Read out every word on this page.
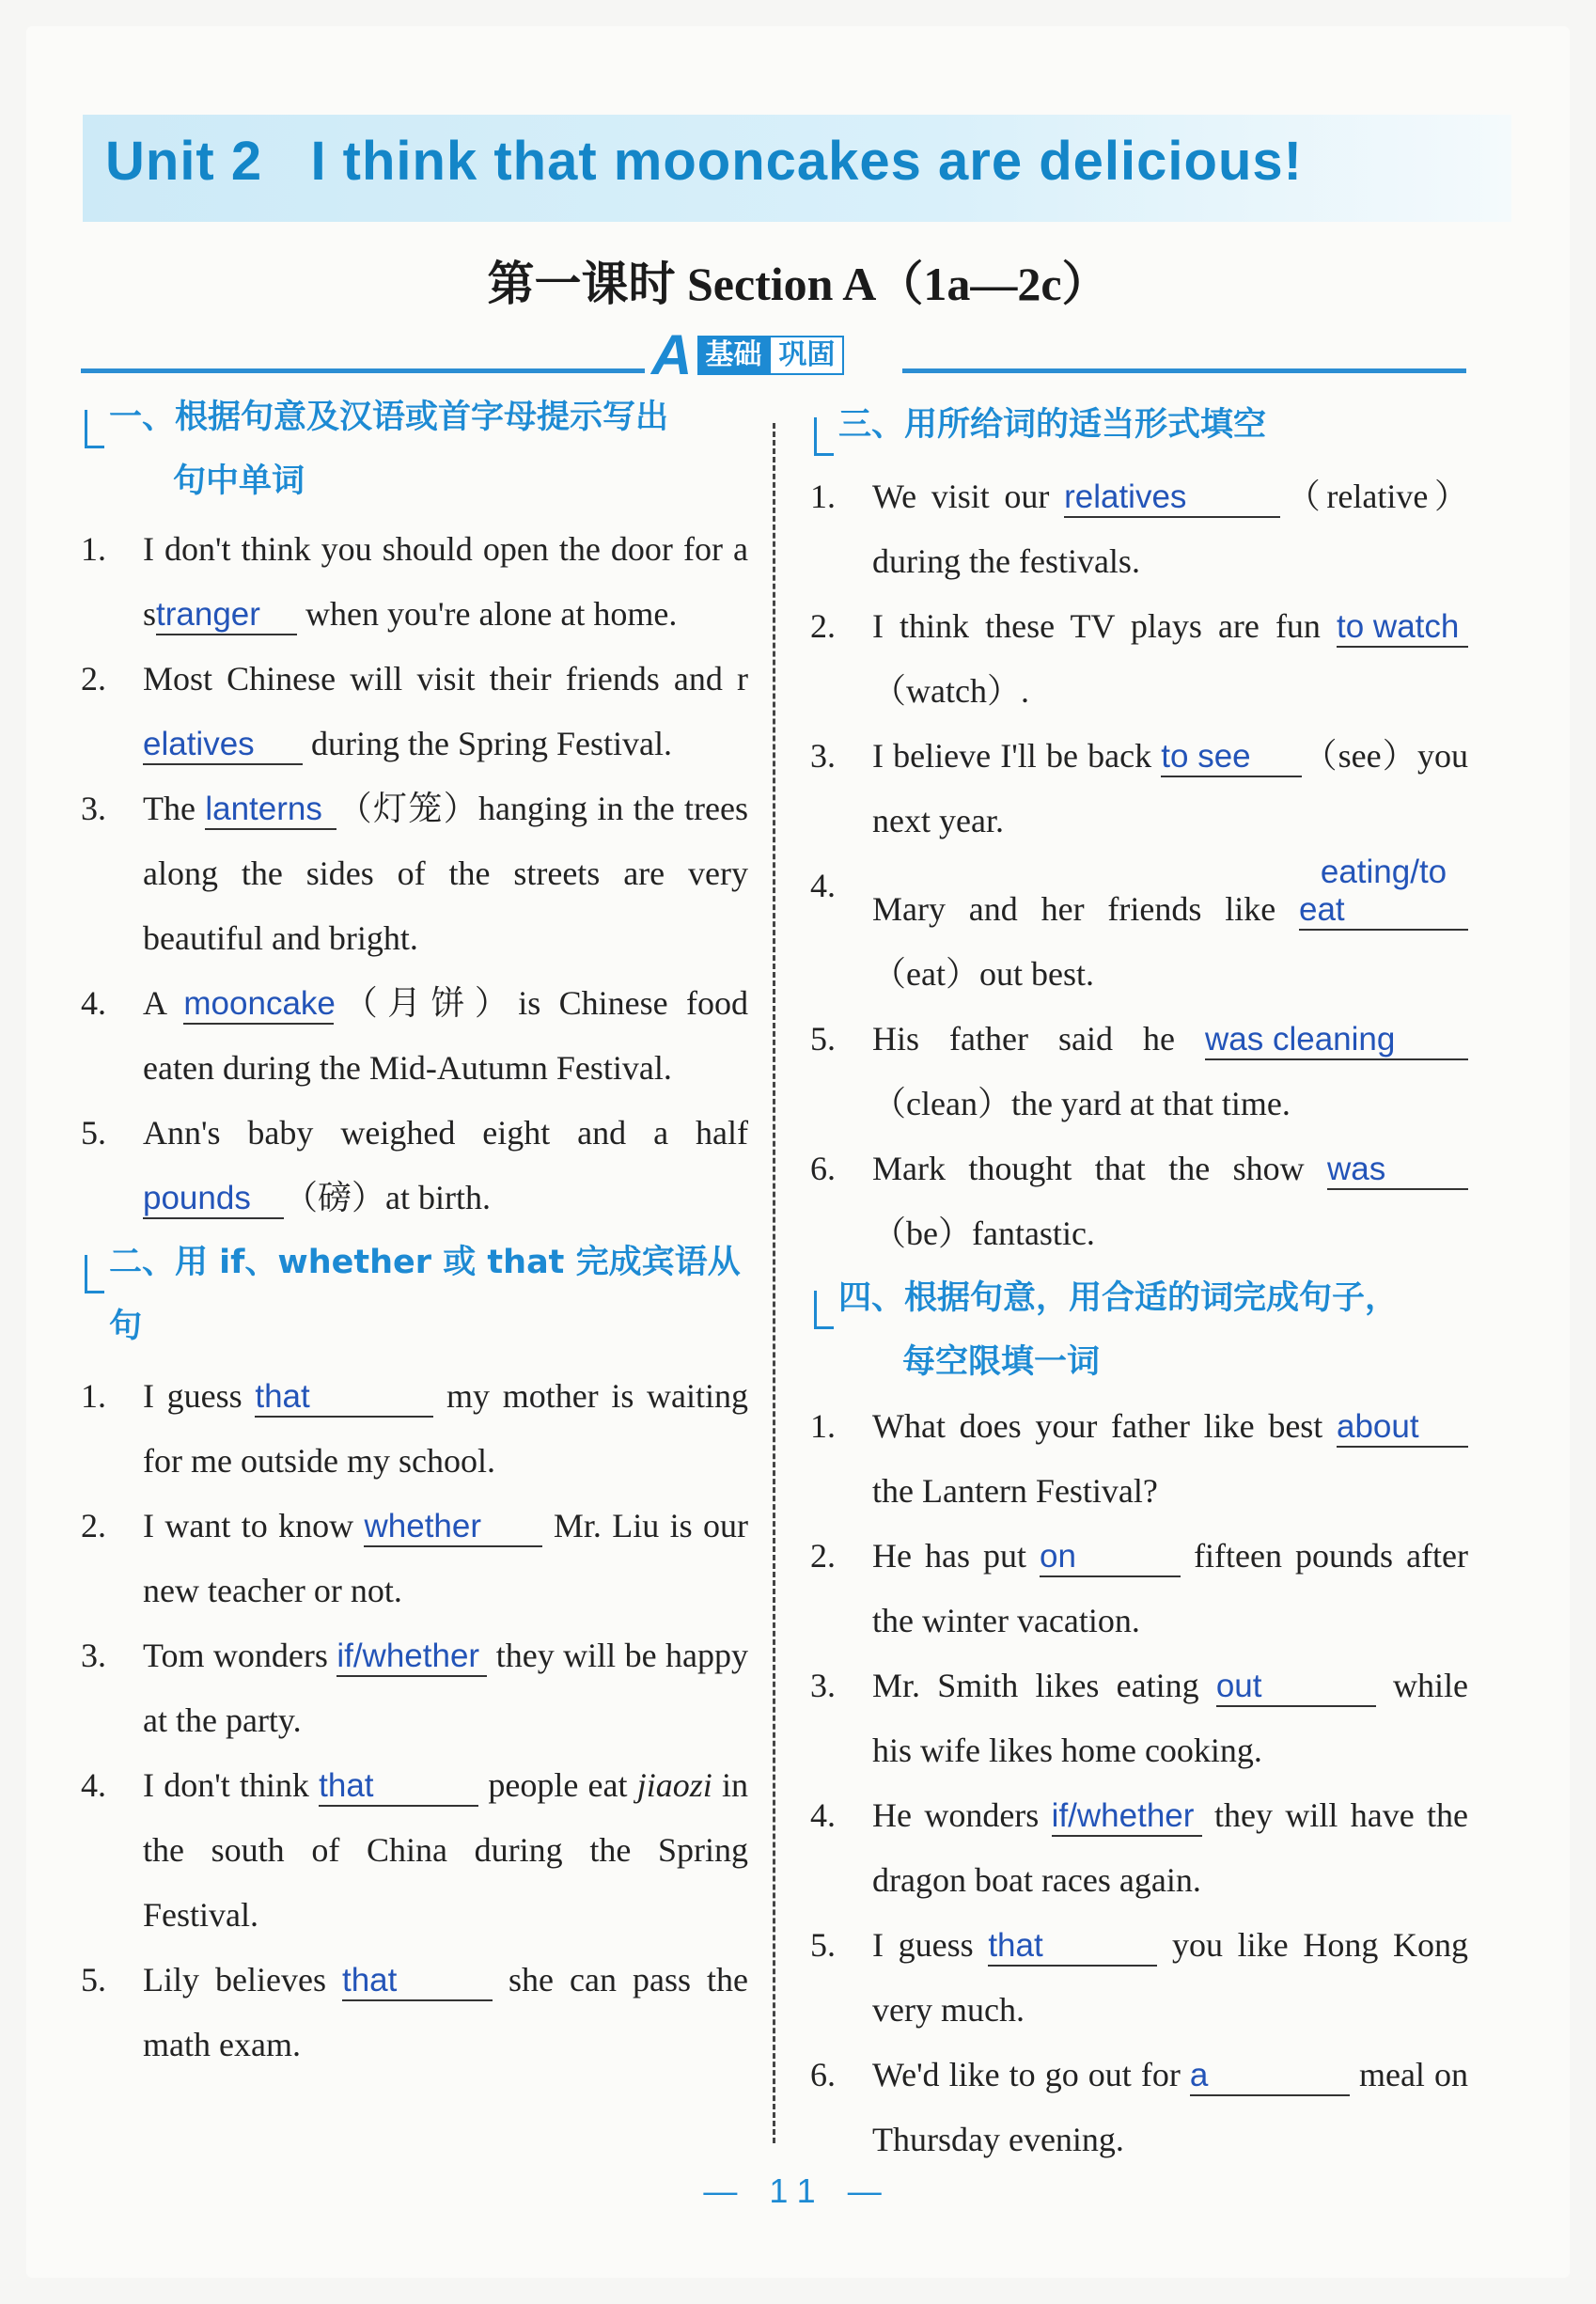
Unit 2   I think that mooncakes are delicious!
第一课时 Section A（1a—2c）
A 基础 巩固
一、根据句意及汉语或首字母提示写出
句中单词
1. I don't think you should open the door for a stranger when you're alone at home.
2. Most Chinese will visit their friends and relatives during the Spring Festival.
3. The lanterns （灯笼）hanging in the trees along the sides of the streets are very beautiful and bright.
4. A mooncake（月饼）is Chinese food eaten during the Mid-Autumn Festival.
5. Ann's baby weighed eight and a half pounds （磅）at birth.
二、用 if、whether 或 that 完成宾语从句
1. I guess that	my mother is waiting for me outside my school.
2. I want to know whether Mr. Liu is our new teacher or not.
3. Tom wonders if/whether they will be happy at the party.
4. I don't think that	people eat jiaozi in the south of China during the Spring Festival.
5. Lily believes that	she can pass the math exam.
三、用所给词的适当形式填空
1. We visit our relatives	（relative）during the festivals.
2. I think these TV plays are fun to watch（watch）.
3. I believe I'll be back to see （see）you next year.
4.
Mary and her friends like eating/to eat（eat）out best.
5. His father said he was cleaning（clean）the yard at that time.
6. Mark thought that the show was（be）fantastic.
四、根据句意，用合适的词完成句子，
每空限填一词
1. What does your father like best about the Lantern Festival?
2. He has put on	fifteen pounds after the winter vacation.
3. Mr. Smith likes eating out	while his wife likes home cooking.
4. He wonders if/whether they will have the dragon boat races again.
5. I guess that	you like Hong Kong very much.
6. We'd like to go out for a	meal on Thursday evening.
— 11 —
